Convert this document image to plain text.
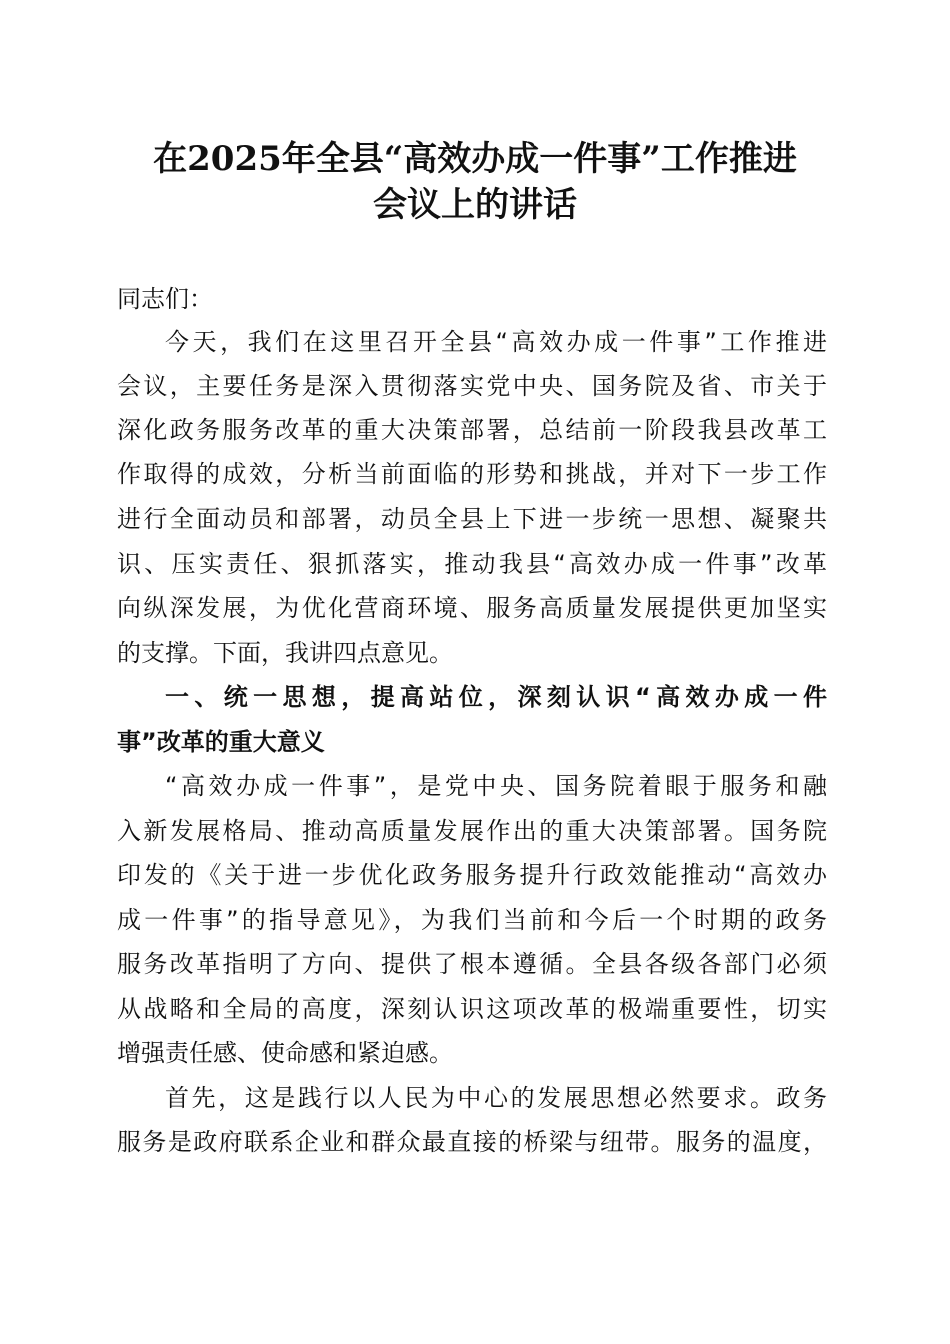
在2025年全县“高效办成一件事”工作推进
会议上的讲话
同志们：
今天，我们在这里召开全县“高效办成一件事”工作推进
会议，主要任务是深入贯彻落实党中央、国务院及省、市关于
深化政务服务改革的重大决策部署，总结前一阶段我县改革工
作取得的成效，分析当前面临的形势和挑战，并对下一步工作
进行全面动员和部署，动员全县上下进一步统一思想、凝聚共
识、压实责任、狠抓落实，推动我县“高效办成一件事”改革
向纵深发展，为优化营商环境、服务高质量发展提供更加坚实
的支撑。下面，我讲四点意见。
一、统一思想，提高站位，深刻认识“高效办成一件
事”改革的重大意义
“高效办成一件事”，是党中央、国务院着眼于服务和融
入新发展格局、推动高质量发展作出的重大决策部署。国务院
印发的《关于进一步优化政务服务提升行政效能推动“高效办
成一件事”的指导意见》，为我们当前和今后一个时期的政务
服务改革指明了方向、提供了根本遵循。全县各级各部门必须
从战略和全局的高度，深刻认识这项改革的极端重要性，切实
增强责任感、使命感和紧迫感。
首先，这是践行以人民为中心的发展思想必然要求。政务
服务是政府联系企业和群众最直接的桥梁与纽带。服务的温度，
